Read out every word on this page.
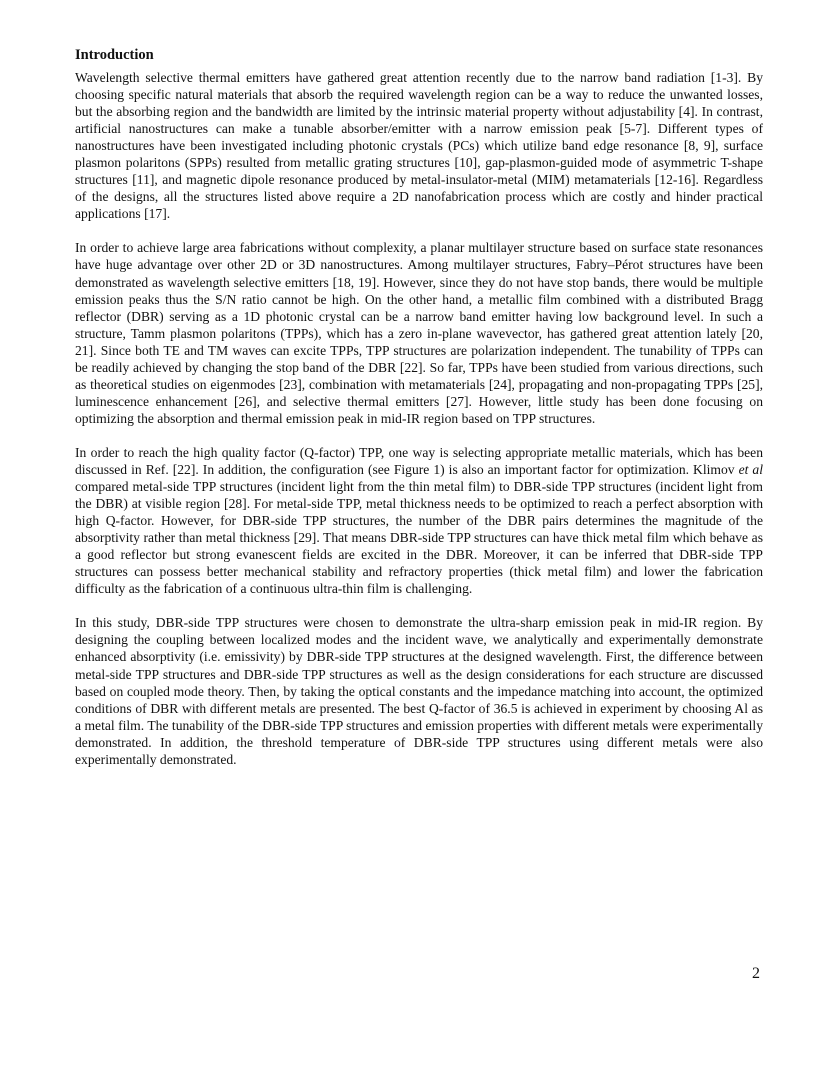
Introduction

Wavelength selective thermal emitters have gathered great attention recently due to the narrow band radiation [1-3]. By choosing specific natural materials that absorb the required wavelength region can be a way to reduce the unwanted losses, but the absorbing region and the bandwidth are limited by the intrinsic material property without adjustability [4]. In contrast, artificial nanostructures can make a tunable absorber/emitter with a narrow emission peak [5-7]. Different types of nanostructures have been investigated including photonic crystals (PCs) which utilize band edge resonance [8, 9], surface plasmon polaritons (SPPs) resulted from metallic grating structures [10], gap-plasmon-guided mode of asymmetric T-shape structures [11], and magnetic dipole resonance produced by metal-insulator-metal (MIM) metamaterials [12-16]. Regardless of the designs, all the structures listed above require a 2D nanofabrication process which are costly and hinder practical applications [17].

In order to achieve large area fabrications without complexity, a planar multilayer structure based on surface state resonances have huge advantage over other 2D or 3D nanostructures. Among multilayer structures, Fabry–Pérot structures have been demonstrated as wavelength selective emitters [18, 19]. However, since they do not have stop bands, there would be multiple emission peaks thus the S/N ratio cannot be high. On the other hand, a metallic film combined with a distributed Bragg reflector (DBR) serving as a 1D photonic crystal can be a narrow band emitter having low background level. In such a structure, Tamm plasmon polaritons (TPPs), which has a zero in-plane wavevector, has gathered great attention lately [20, 21]. Since both TE and TM waves can excite TPPs, TPP structures are polarization independent. The tunability of TPPs can be readily achieved by changing the stop band of the DBR [22]. So far, TPPs have been studied from various directions, such as theoretical studies on eigenmodes [23], combination with metamaterials [24], propagating and non-propagating TPPs [25], luminescence enhancement [26], and selective thermal emitters [27]. However, little study has been done focusing on optimizing the absorption and thermal emission peak in mid-IR region based on TPP structures.

In order to reach the high quality factor (Q-factor) TPP, one way is selecting appropriate metallic materials, which has been discussed in Ref. [22]. In addition, the configuration (see Figure 1) is also an important factor for optimization. Klimov et al compared metal-side TPP structures (incident light from the thin metal film) to DBR-side TPP structures (incident light from the DBR) at visible region [28]. For metal-side TPP, metal thickness needs to be optimized to reach a perfect absorption with high Q-factor. However, for DBR-side TPP structures, the number of the DBR pairs determines the magnitude of the absorptivity rather than metal thickness [29]. That means DBR-side TPP structures can have thick metal film which behave as a good reflector but strong evanescent fields are excited in the DBR. Moreover, it can be inferred that DBR-side TPP structures can possess better mechanical stability and refractory properties (thick metal film) and lower the fabrication difficulty as the fabrication of a continuous ultra-thin film is challenging.

In this study, DBR-side TPP structures were chosen to demonstrate the ultra-sharp emission peak in mid-IR region. By designing the coupling between localized modes and the incident wave, we analytically and experimentally demonstrate enhanced absorptivity (i.e. emissivity) by DBR-side TPP structures at the designed wavelength. First, the difference between metal-side TPP structures and DBR-side TPP structures as well as the design considerations for each structure are discussed based on coupled mode theory. Then, by taking the optical constants and the impedance matching into account, the optimized conditions of DBR with different metals are presented. The best Q-factor of 36.5 is achieved in experiment by choosing Al as a metal film. The tunability of the DBR-side TPP structures and emission properties with different metals were experimentally demonstrated. In addition, the threshold temperature of DBR-side TPP structures using different metals were also experimentally demonstrated.

2
